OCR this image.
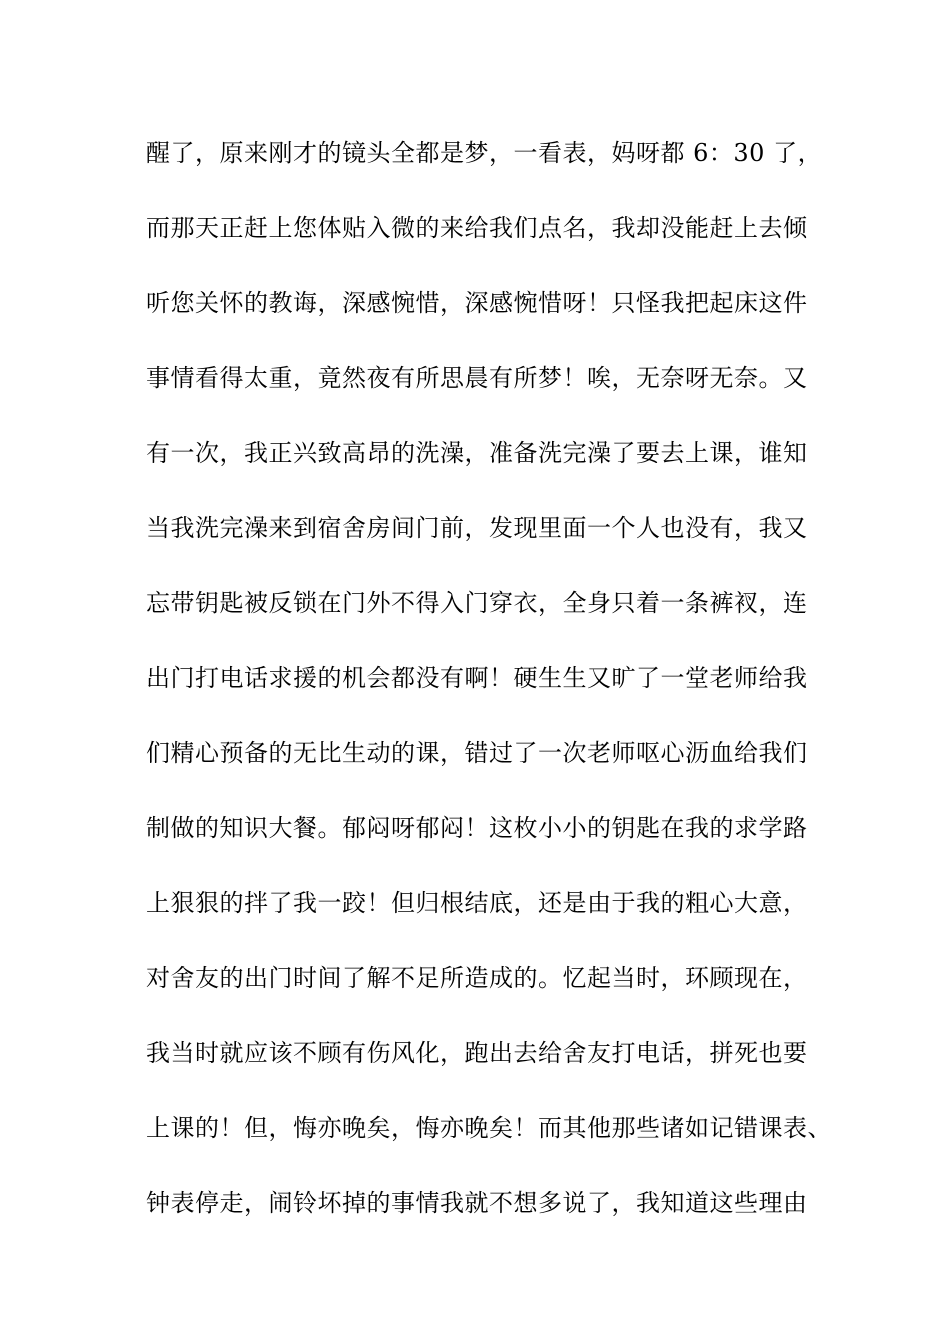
醒了，原来刚才的镜头全都是梦，一看表，妈呀都 6：30 了，
而那天正赶上您体贴入微的来给我们点名，我却没能赶上去倾
听您关怀的教诲，深感惋惜，深感惋惜呀！只怪我把起床这件
事情看得太重，竟然夜有所思晨有所梦！唉，无奈呀无奈。又
有一次，我正兴致高昂的洗澡，准备洗完澡了要去上课，谁知
当我洗完澡来到宿舍房间门前，发现里面一个人也没有，我又
忘带钥匙被反锁在门外不得入门穿衣，全身只着一条裤衩，连
出门打电话求援的机会都没有啊！硬生生又旷了一堂老师给我
们精心预备的无比生动的课，错过了一次老师呕心沥血给我们
制做的知识大餐。郁闷呀郁闷！这枚小小的钥匙在我的求学路
上狠狠的拌了我一跤！但归根结底，还是由于我的粗心大意，
对舍友的出门时间了解不足所造成的。忆起当时，环顾现在，
我当时就应该不顾有伤风化，跑出去给舍友打电话，拼死也要
上课的！但，悔亦晚矣，悔亦晚矣！而其他那些诸如记错课表、
钟表停走，闹铃坏掉的事情我就不想多说了，我知道这些理由
